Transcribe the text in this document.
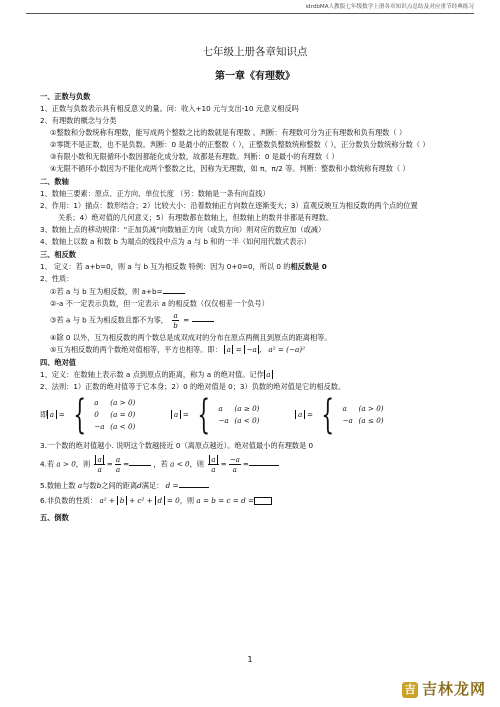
idrdbMA人教版七年级数学上册各章知识点总结及对应重节经典练习
七年级上册各章知识点
第一章《有理数》
一、正数与负数
1、正数与负数表示具有相反意义的量。问：收入+10 元与支出-10 元意义相反吗
2、有理数的概念与分类
①整数和分数统称有理数，能写成两个整数之比的数就是有理数 。判断：有理数可分为正有理数和负有理数（ ）
②零既不是正数，也不是负数。判断：0 是最小的正整数（ ），正整数负整数统称整数（ ），正分数负分数统称分数（ ）
③有限小数和无限循环小数因都能化成分数，故都是有理数。判断：0 是最小的有理数（ ）
④无限不循环小数因为不能化成两个整数之比，因称为无理数，如 π、π/2 等。判断：整数和小数统称有理数（ ）
二、数轴
1、数轴三要素：原点、正方向、单位长度 （另：数轴是一条有向直线）
2、作用：1）描点：数形结合；2）比较大小：沿着数轴正方向数在逐渐变大；3）直观反映互为相反数的两个点的位置
关系；4）绝对值的几何意义；5）有理数都在数轴上，但数轴上的数并非都是有理数。
3、数轴上点的移动规律：“正加负减”向数轴正方向（或负方向）则对应的数应加（或减）
4、数轴上以数 a 和数 b 为端点的线段中点为 a 与 b 和的一半（如何用代数式表示）
三、相反数
1、 定义：若 a+b=0，则 a 与 b 互为相反数 特例：因为 0+0=0，所以 0 的相反数是 0
2、性质：
①若 a 与 b 互为相反数，则 a+b=
②-a 不一定表示负数，但一定表示 a 的相反数（仅仅相差一个负号）
③若 a 与 b 互为相反数且都不为零， $\frac{a}{b}$ =
④除 0 以外，互为相反数的两个数总是成双成对的分布在原点两侧且到原点的距离相等。
⑤互为相反数的两个数绝对值相等，平方也相等。即： a = −a ,   a² = (−a)²
四、绝对值
1、定义：在数轴上表示数 a 点到原点的距离，称为 a 的绝对值。记作 a
2、法则：1）正数的绝对值等于它本身；2）0 的绝对值是 0；3）负数的绝对值是它的相反数。
即 a = { a (a > 0)
0 (a = 0)
−a (a < 0)
a = { a (a ≥ 0)
−a (a < 0)
a = { a (a > 0)
−a (a ≤ 0)
3.一个数的绝对值越小. 说明这个数越接近 0（离原点越近）。绝对值最小的有理数是 0
4.若 a > 0，则 $\frac{a}{a} = \frac{a}{a}$ =	，若 a < 0，则 $\frac{a}{a} = \frac{-a}{a}$ =
5.数轴上数 a与数b之间的距离d满足： d =
6.非负数的性质： a² + b + c² + d = 0，则 a = b = c = d =
五、倒数
1
吉 吉林龙网
